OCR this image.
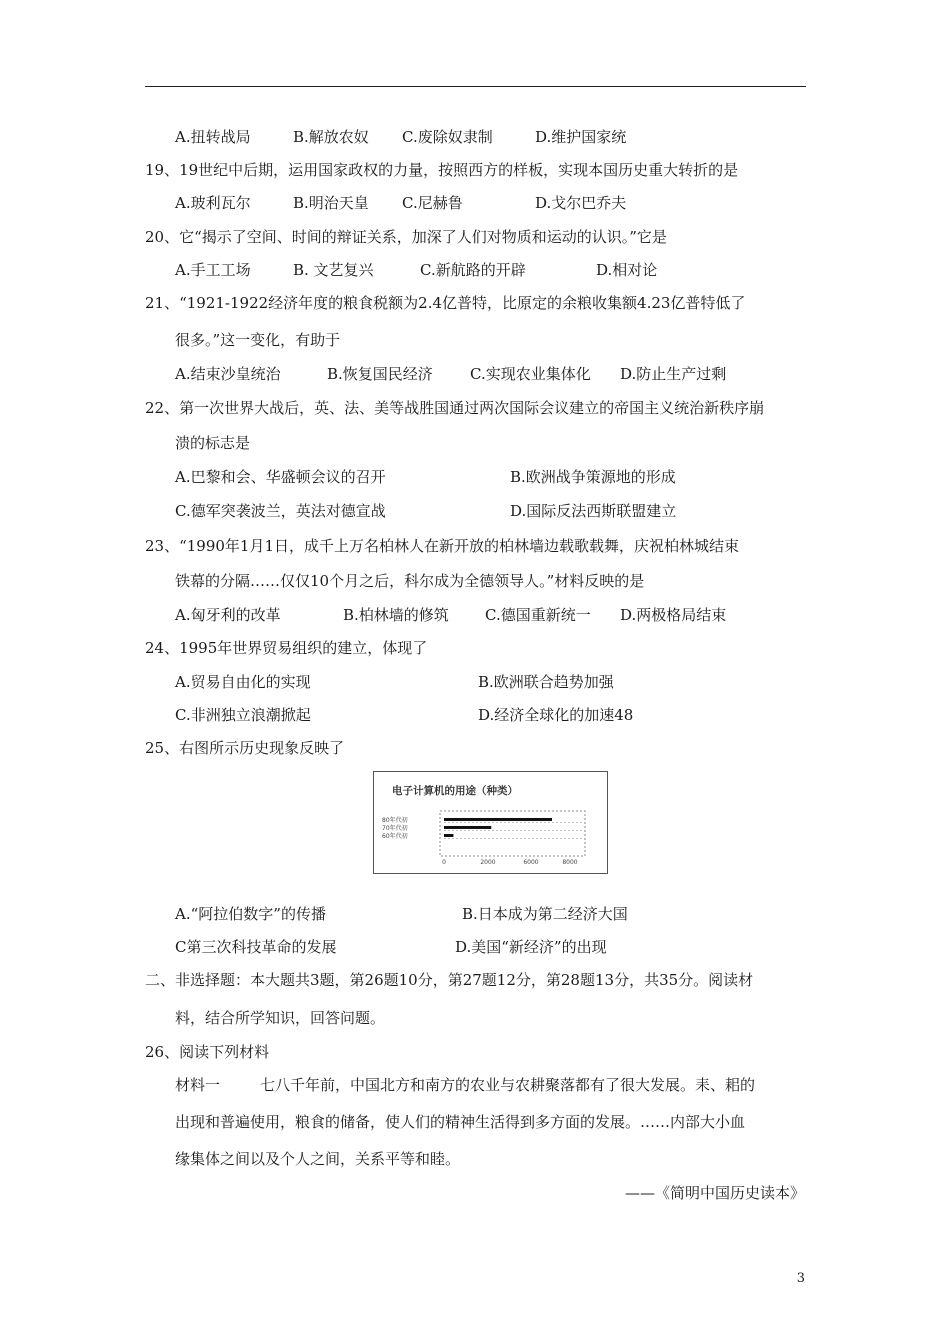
A.扭转战局	B.解放农奴 C.废除奴隶制	D.维护国家统
19、19世纪中后期，运用国家政权的力量，按照西方的样板，实现本国历史重大转折的是
A.玻利瓦尔	B.明治天皇 C.尼赫鲁	D.戈尔巴乔夫
20、它“揭示了空间、时间的辩证关系，加深了人们对物质和运动的认识。”它是
A.手工工场	B. 文艺复兴	C.新航路的开辟	D.相对论
21、“1921-1922经济年度的粮食税额为2.4亿普特，比原定的余粮收集额4.23亿普特低了
很多。”这一变化，有助于
A.结束沙皇统治	B.恢复国民经济 C.实现农业集体化 D.防止生产过剩
22、第一次世界大战后，英、法、美等战胜国通过两次国际会议建立的帝国主义统治新秩序崩
溃的标志是
A.巴黎和会、华盛顿会议的召开	B.欧洲战争策源地的形成
C.德军突袭波兰，英法对德宣战	D.国际反法西斯联盟建立
23、“1990年1月1日，成千上万名柏林人在新开放的柏林墙边载歌载舞，庆祝柏林城结束
铁幕的分隔……仅仅10个月之后，科尔成为全德领导人。”材料反映的是
A.匈牙利的改革	B.柏林墙的修筑 C.德国重新统一 D.两极格局结束
24、1995年世界贸易组织的建立，体现了
A.贸易自由化的实现	B.欧洲联合趋势加强
C.非洲独立浪潮掀起	D.经济全球化的加速48
25、右图所示历史现象反映了
电子计算机的用途（种类）
80年代初
70年代初
60年代初
0	2000	6000	8000
A.“阿拉伯数字”的传播	B.日本成为第二经济大国
C第三次科技革命的发展	D.美国“新经济”的出现
二、非选择题：本大题共3题，第26题10分，第27题12分，第28题13分，共35分。阅读材
料，结合所学知识，回答问题。
26、阅读下列材料
材料一	七八千年前，中国北方和南方的农业与农耕聚落都有了很大发展。耒、耜的
出现和普遍使用，粮食的储备，使人们的精神生活得到多方面的发展。……内部大小血
缘集体之间以及个人之间，关系平等和睦。
——《简明中国历史读本》
3
